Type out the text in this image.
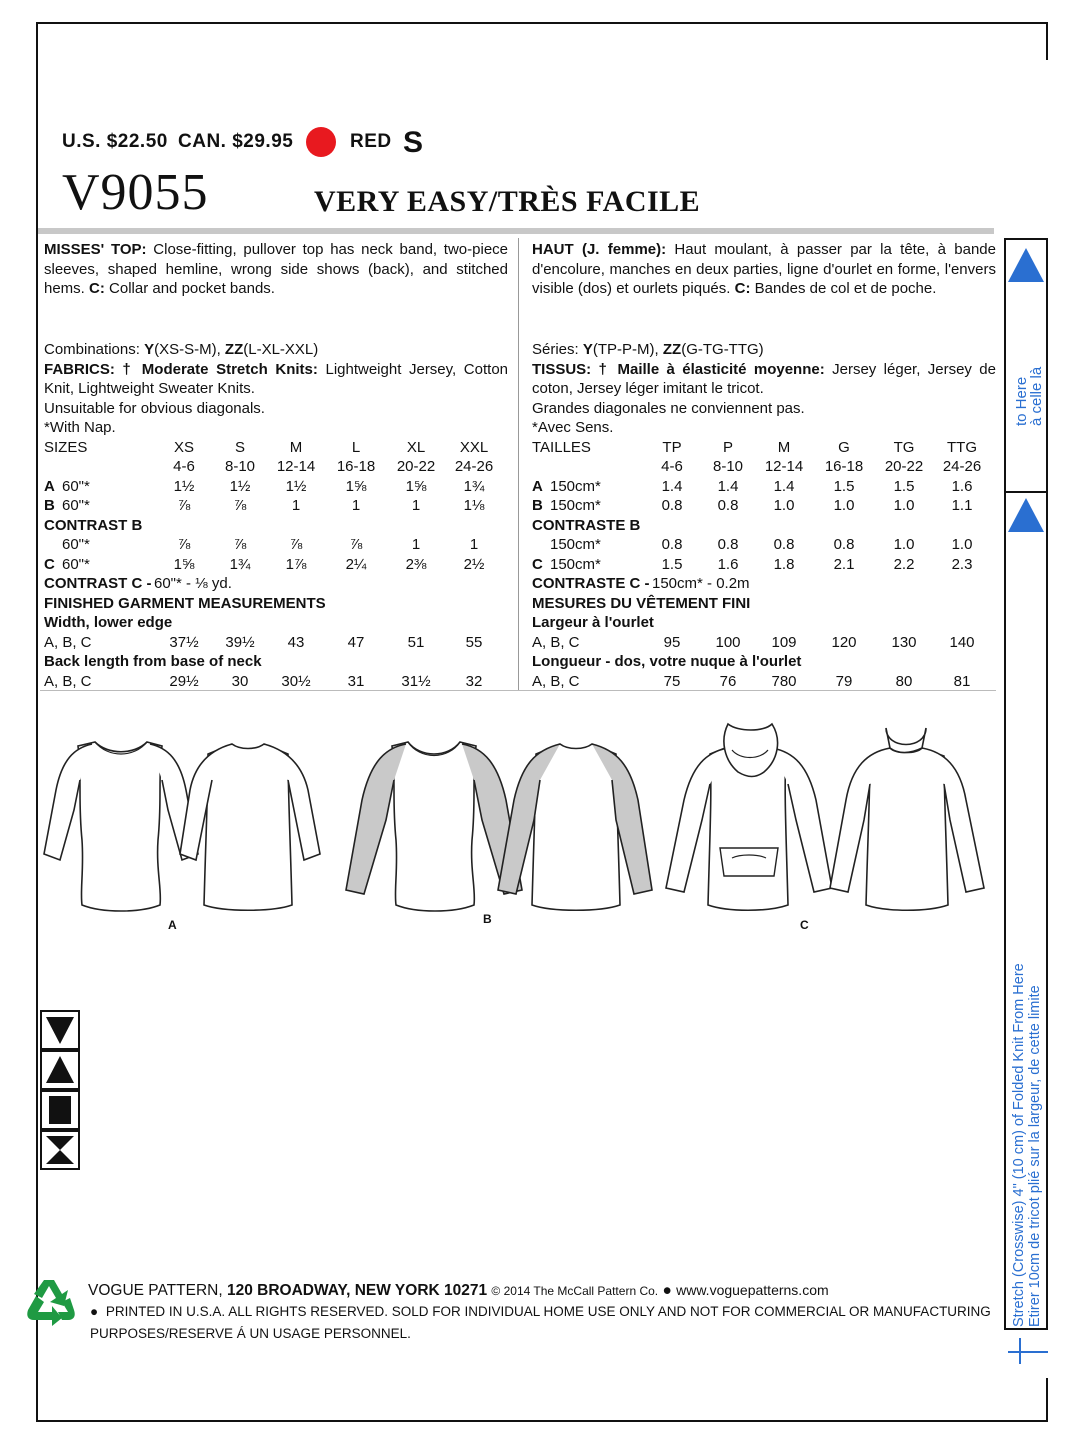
U.S. $22.50 CAN. $29.95	RED S
V9055	VERY EASY/TRÈS FACILE

MISSES' TOP: Close-fitting, pullover top has neck band, two-piece sleeves, shaped hemline, wrong side shows (back), and stitched hems. C: Collar and pocket bands.

Combinations: Y(XS-S-M), ZZ(L-XL-XXL)

FABRICS: † Moderate Stretch Knits: Lightweight Jersey, Cotton Knit, Lightweight Sweater Knits.

Unsuitable for obvious diagonals.

*With Nap.

SIZES	XS	S	M	L	XL	XXL
4-6	8-10	12-14	16-18	20-22	24-26
A 60"*	1½	1½	1½	1⅝	1⅝	1¾
B 60"*	⅞	⅞	1	1	1	1⅛
CONTRAST B
60"*	⅞	⅞	⅞	⅞	1	1
C 60"*	1⅝	1¾	1⅞	2¼	2⅜	2½
CONTRAST C - 60"* - ⅛ yd.
FINISHED GARMENT MEASUREMENTS
Width, lower edge
A, B, C	37½	39½	43	47	51	55
Back length from base of neck
A, B, C	29½	30	30½	31	31½	32

HAUT (J. femme): Haut moulant, à passer par la tête, à bande d'encolure, manches en deux parties, ligne d'ourlet en forme, l'envers visible (dos) et ourlets piqués. C: Bandes de col et de poche.

Séries: Y(TP-P-M), ZZ(G-TG-TTG)

TISSUS: † Maille à élasticité moyenne: Jersey léger, Jersey de coton, Jersey léger imitant le tricot.

Grandes diagonales ne conviennent pas.

*Avec Sens.

TAILLES	TP	P	M	G	TG	TTG
4-6	8-10	12-14	16-18	20-22	24-26
A 150cm*	1.4	1.4	1.4	1.5	1.5	1.6
B 150cm*	0.8	0.8	1.0	1.0	1.0	1.1
CONTRASTE B
150cm*	0.8	0.8	0.8	0.8	1.0	1.0
C 150cm*	1.5	1.6	1.8	2.1	2.2	2.3
CONTRASTE C - 150cm* - 0.2m
MESURES DU VÊTEMENT FINI
Largeur à l'ourlet
A, B, C	95	100	109	120	130	140
Longueur - dos, votre nuque à l'ourlet
A, B, C	75	76	780	79	80	81
A	B	C
to Here
à celle là
Stretch (Crosswise) 4" (10 cm) of Folded Knit From Here Etirer 10cm de tricot plié sur la largeur, de cette limite
VOGUE PATTERN, 120 BROADWAY, NEW YORK 10271 © 2014 The McCall Pattern Co. ● www.voguepatterns.com
● PRINTED IN U.S.A. ALL RIGHTS RESERVED. SOLD FOR INDIVIDUAL HOME USE ONLY AND NOT FOR COMMERCIAL OR MANUFACTURING
PURPOSES/RESERVE Á UN USAGE PERSONNEL.
